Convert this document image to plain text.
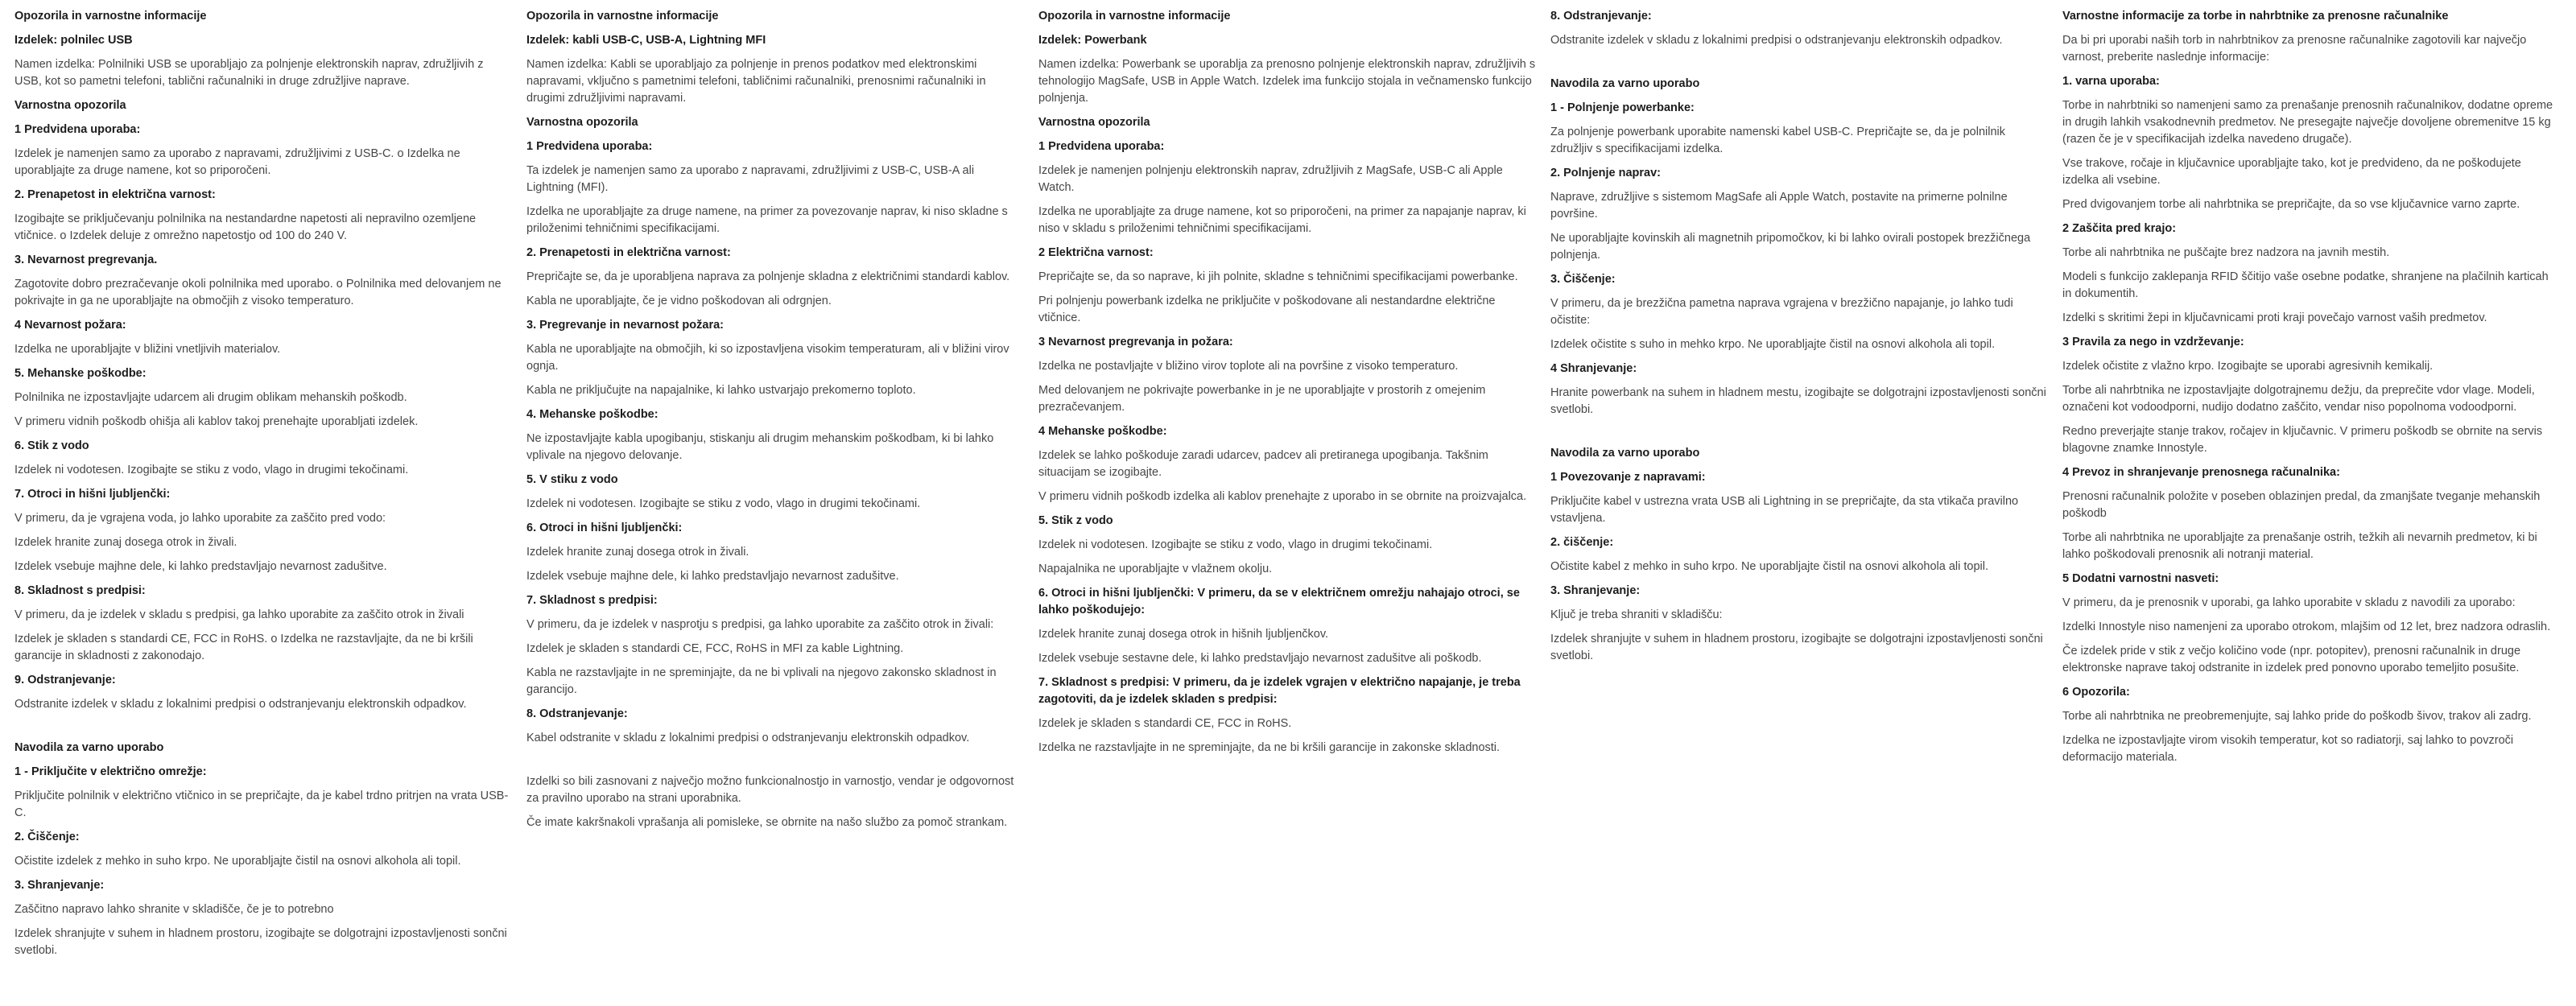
Opozorila in varnostne informacije
Izdelek: polnilec USB

Namen izdelka: Polnilniki USB se uporabljajo za polnjenje elektronskih naprav, združljivih z USB, kot so pametni telefoni, tablični računalniki in druge združljive naprave.

Varnostna opozorila
1 Predvidena uporaba:

Izdelek je namenjen samo za uporabo z napravami, združljivimi z USB-C. o Izdelka ne uporabljajte za druge namene, kot so priporočeni.

2. Prenapetost in električna varnost:

Izogibajte se priključevanju polnilnika na nestandardne napetosti ali nepravilno ozemljene vtičnice. o Izdelek deluje z omrežno napetostjo od 100 do 240 V.

3. Nevarnost pregrevanja.

Zagotovite dobro prezračevanje okoli polnilnika med uporabo. o Polnilnika med delovanjem ne pokrivajte in ga ne uporabljajte na območjih z visoko temperaturo.

4 Nevarnost požara:

Izdelka ne uporabljajte v bližini vnetljivih materialov.

5. Mehanske poškodbe:

Polnilnika ne izpostavljajte udarcem ali drugim oblikam mehanskih poškodb.

V primeru vidnih poškodb ohišja ali kablov takoj prenehajte uporabljati izdelek.

6. Stik z vodo

Izdelek ni vodotesen. Izogibajte se stiku z vodo, vlago in drugimi tekočinami.

7. Otroci in hišni ljubljenčki:

V primeru, da je vgrajena voda, jo lahko uporabite za zaščito pred vodo:

Izdelek hranite zunaj dosega otrok in živali.

Izdelek vsebuje majhne dele, ki lahko predstavljajo nevarnost zadušitve.

8. Skladnost s predpisi:

V primeru, da je izdelek v skladu s predpisi, ga lahko uporabite za zaščito otrok in živali

Izdelek je skladen s standardi CE, FCC in RoHS. o Izdelka ne razstavljajte, da ne bi kršili garancije in skladnosti z zakonodajo.

9. Odstranjevanje:

Odstranite izdelek v skladu z lokalnimi predpisi o odstranjevanju elektronskih odpadkov.

Navodila za varno uporabo
1 - Priključite v električno omrežje:

Priključite polnilnik v električno vtičnico in se prepričajte, da je kabel trdno pritrjen na vrata USB-C.

2. Čiščenje:

Očistite izdelek z mehko in suho krpo. Ne uporabljajte čistil na osnovi alkohola ali topil.

3. Shranjevanje:

Zaščitno napravo lahko shranite v skladišče, če je to potrebno

Izdelek shranjujte v suhem in hladnem prostoru, izogibajte se dolgotrajni izpostavljenosti sončni svetlobi.

Opozorila in varnostne informacije
Izdelek: kabli USB-C, USB-A, Lightning MFI

Namen izdelka: Kabli se uporabljajo za polnjenje in prenos podatkov med elektronskimi napravami, vključno s pametnimi telefoni, tabličnimi računalniki, prenosnimi računalniki in drugimi združljivimi napravami.

Varnostna opozorila
1 Predvidena uporaba:

Ta izdelek je namenjen samo za uporabo z napravami, združljivimi z USB-C, USB-A ali Lightning (MFI).

Izdelka ne uporabljajte za druge namene, na primer za povezovanje naprav, ki niso skladne s priloženimi tehničnimi specifikacijami.

2. Prenapetosti in električna varnost:

Prepričajte se, da je uporabljena naprava za polnjenje skladna z električnimi standardi kablov.

Kabla ne uporabljajte, če je vidno poškodovan ali odrgnjen.

3. Pregrevanje in nevarnost požara:

Kabla ne uporabljajte na območjih, ki so izpostavljena visokim temperaturam, ali v bližini virov ognja.

Kabla ne priključujte na napajalnike, ki lahko ustvarjajo prekomerno toploto.

4. Mehanske poškodbe:

Ne izpostavljajte kabla upogibanju, stiskanju ali drugim mehanskim poškodbam, ki bi lahko vplivale na njegovo delovanje.

5. V stiku z vodo

Izdelek ni vodotesen. Izogibajte se stiku z vodo, vlago in drugimi tekočinami.

6. Otroci in hišni ljubljenčki:

Izdelek hranite zunaj dosega otrok in živali.

Izdelek vsebuje majhne dele, ki lahko predstavljajo nevarnost zadušitve.

7. Skladnost s predpisi:

V primeru, da je izdelek v nasprotju s predpisi, ga lahko uporabite za zaščito otrok in živali:

Izdelek je skladen s standardi CE, FCC, RoHS in MFI za kable Lightning.

Kabla ne razstavljajte in ne spreminjajte, da ne bi vplivali na njegovo zakonsko skladnost in garancijo.

8. Odstranjevanje:

Kabel odstranite v skladu z lokalnimi predpisi o odstranjevanju elektronskih odpadkov.

Izdelki so bili zasnovani z največjo možno funkcionalnostjo in varnostjo, vendar je odgovornost za pravilno uporabo na strani uporabnika.

Če imate kakršnakoli vprašanja ali pomisleke, se obrnite na našo službo za pomoč strankam.

Opozorila in varnostne informacije
Izdelek: Powerbank

Namen izdelka: Powerbank se uporablja za prenosno polnjenje elektronskih naprav, združljivih s tehnologijo MagSafe, USB in Apple Watch. Izdelek ima funkcijo stojala in večnamensko funkcijo polnjenja.

Varnostna opozorila
1 Predvidena uporaba:

Izdelek je namenjen polnjenju elektronskih naprav, združljivih z MagSafe, USB-C ali Apple Watch.

Izdelka ne uporabljajte za druge namene, kot so priporočeni, na primer za napajanje naprav, ki niso v skladu s priloženimi tehničnimi specifikacijami.

2 Električna varnost:

Prepričajte se, da so naprave, ki jih polnite, skladne s tehničnimi specifikacijami powerbanke.

Pri polnjenju powerbank izdelka ne priključite v poškodovane ali nestandardne električne vtičnice.

3 Nevarnost pregrevanja in požara:

Izdelka ne postavljajte v bližino virov toplote ali na površine z visoko temperaturo.

Med delovanjem ne pokrivajte powerbanke in je ne uporabljajte v prostorih z omejenim prezračevanjem.

4 Mehanske poškodbe:

Izdelek se lahko poškoduje zaradi udarcev, padcev ali pretiranega upogibanja. Takšnim situacijam se izogibajte.

V primeru vidnih poškodb izdelka ali kablov prenehajte z uporabo in se obrnite na proizvajalca.

5. Stik z vodo

Izdelek ni vodotesen. Izogibajte se stiku z vodo, vlago in drugimi tekočinami.

Napajalnika ne uporabljajte v vlažnem okolju.

6. Otroci in hišni ljubljenčki: V primeru, da se v električnem omrežju nahajajo otroci, se lahko poškodujejo:

Izdelek hranite zunaj dosega otrok in hišnih ljubljenčkov.

Izdelek vsebuje sestavne dele, ki lahko predstavljajo nevarnost zadušitve ali poškodb.

7. Skladnost s predpisi: V primeru, da je izdelek vgrajen v električno napajanje, je treba zagotoviti, da je izdelek skladen s predpisi:

Izdelek je skladen s standardi CE, FCC in RoHS.

Izdelka ne razstavljajte in ne spreminjajte, da ne bi kršili garancije in zakonske skladnosti.

8. Odstranjevanje:

Odstranite izdelek v skladu z lokalnimi predpisi o odstranjevanju elektronskih odpadkov.

Navodila za varno uporabo
1 - Polnjenje powerbanke:

Za polnjenje powerbank uporabite namenski kabel USB-C. Prepričajte se, da je polnilnik združljiv s specifikacijami izdelka.

2. Polnjenje naprav:

Naprave, združljive s sistemom MagSafe ali Apple Watch, postavite na primerne polnilne površine.

Ne uporabljajte kovinskih ali magnetnih pripomočkov, ki bi lahko ovirali postopek brezžičnega polnjenja.

3. Čiščenje:

V primeru, da je brezžična pametna naprava vgrajena v brezžično napajanje, jo lahko tudi očistite:

Izdelek očistite s suho in mehko krpo. Ne uporabljajte čistil na osnovi alkohola ali topil.

4 Shranjevanje:

Hranite powerbank na suhem in hladnem mestu, izogibajte se dolgotrajni izpostavljenosti sončni svetlobi.

Navodila za varno uporabo
1 Povezovanje z napravami:

Priključite kabel v ustrezna vrata USB ali Lightning in se prepričajte, da sta vtikača pravilno vstavljena.

2. čiščenje:

Očistite kabel z mehko in suho krpo. Ne uporabljajte čistil na osnovi alkohola ali topil.

3. Shranjevanje:

Ključ je treba shraniti v skladišču:

Izdelek shranjujte v suhem in hladnem prostoru, izogibajte se dolgotrajni izpostavljenosti sončni svetlobi.

Varnostne informacije za torbe in nahrbtnike za prenosne računalnike

Da bi pri uporabi naših torb in nahrbtnikov za prenosne računalnike zagotovili kar največjo varnost, preberite naslednje informacije:

1. varna uporaba:

Torbe in nahrbtniki so namenjeni samo za prenašanje prenosnih računalnikov, dodatne opreme in drugih lahkih vsakodnevnih predmetov. Ne presegajte največje dovoljene obremenitve 15 kg (razen če je v specifikacijah izdelka navedeno drugače).

Vse trakove, ročaje in ključavnice uporabljajte tako, kot je predvideno, da ne poškodujete izdelka ali vsebine.

Pred dvigovanjem torbe ali nahrbtnika se prepričajte, da so vse ključavnice varno zaprte.

2 Zaščita pred krajo:

Torbe ali nahrbtnika ne puščajte brez nadzora na javnih mestih.

Modeli s funkcijo zaklepanja RFID ščitijo vaše osebne podatke, shranjene na plačilnih karticah in dokumentih.

Izdelki s skritimi žepi in ključavnicami proti kraji povečajo varnost vaših predmetov.

3 Pravila za nego in vzdrževanje:

Izdelek očistite z vlažno krpo. Izogibajte se uporabi agresivnih kemikalij.

Torbe ali nahrbtnika ne izpostavljajte dolgotrajnemu dežju, da preprečite vdor vlage. Modeli, označeni kot vodoodporni, nudijo dodatno zaščito, vendar niso popolnoma vodoodporni.

Redno preverjajte stanje trakov, ročajev in ključavnic. V primeru poškodb se obrnite na servis blagovne znamke Innostyle.

4 Prevoz in shranjevanje prenosnega računalnika:

Prenosni računalnik položite v poseben oblazinjen predal, da zmanjšate tveganje mehanskih poškodb

Torbe ali nahrbtnika ne uporabljajte za prenašanje ostrih, težkih ali nevarnih predmetov, ki bi lahko poškodovali prenosnik ali notranji material.

5 Dodatni varnostni nasveti:

V primeru, da je prenosnik v uporabi, ga lahko uporabite v skladu z navodili za uporabo:

Izdelki Innostyle niso namenjeni za uporabo otrokom, mlajšim od 12 let, brez nadzora odraslih.

Če izdelek pride v stik z večjo količino vode (npr. potopitev), prenosni računalnik in druge elektronske naprave takoj odstranite in izdelek pred ponovno uporabo temeljito posušite.

6 Opozorila:

Torbe ali nahrbtnika ne preobremenjujte, saj lahko pride do poškodb šivov, trakov ali zadrg.

Izdelka ne izpostavljajte virom visokih temperatur, kot so radiatorji, saj lahko to povzroči deformacijo materiala.
